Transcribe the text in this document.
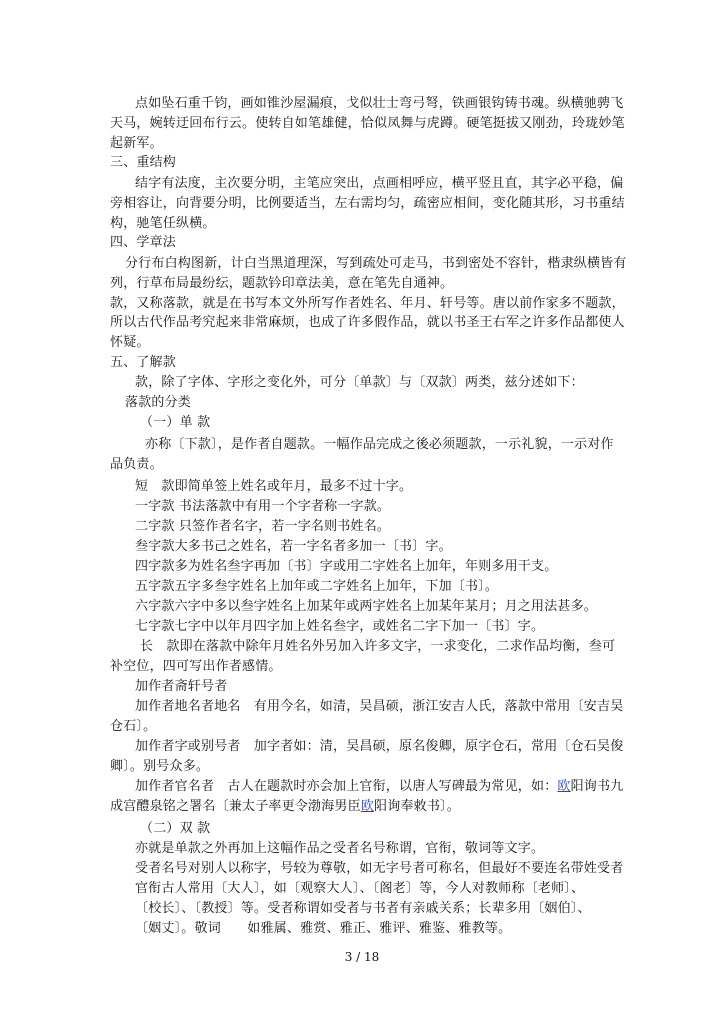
点如坠石重千钧，画如锥沙屋漏痕，戈似壮士弯弓弩，铁画银钩铸书魂。纵横驰骋飞
天马，婉转迂回布行云。使转自如笔雄健，恰似凤舞与虎蹲。硬笔挺拔又刚劲，玲珑妙笔
起新军。
三、重结构
结字有法度，主次要分明，主笔应突出，点画相呼应，横平竖且直，其字必平稳，偏
旁相容让，向背要分明，比例要适当，左右需均匀，疏密应相间，变化随其形，习书重结
构，驰笔任纵横。
四、学章法
分行布白构图新，计白当黑道理深，写到疏处可走马，书到密处不容针，楷隶纵横皆有
列，行草布局最纷纭，题款钤印章法美，意在笔先自通神。
款，又称落款，就是在书写本文外所写作者姓名、年月、轩号等。唐以前作家多不题款，
所以古代作品考究起来非常麻烦，也成了许多假作品，就以书圣王右军之许多作品都使人
怀疑。
五、了解款
款，除了字体、字形之变化外，可分〔单款〕与〔双款〕两类，兹分述如下：
落款的分类
（一）单 款
亦称〔下款〕，是作者自题款。一幅作品完成之後必须题款，一示礼貌，一示对作
品负责。
短　款即简单签上姓名或年月，最多不过十字。
一字款 书法落款中有用一个字者称一字款。
二字款 只签作者名字，若一字名则书姓名。
叁字款大多书己之姓名，若一字名者多加一〔书〕字。
四字款多为姓名叁字再加〔书〕字或用二字姓名上加年，年则多用干支。
五字款五字多叁字姓名上加年或二字姓名上加年，下加〔书〕。
六字款六字中多以叁字姓名上加某年或两字姓名上加某年某月；月之用法甚多。
七字款七字中以年月四字加上姓名叁字，或姓名二字下加一〔书〕字。
长　款即在落款中除年月姓名外另加入许多文字，一求变化，二求作品均衡，叁可
补空位，四可写出作者感情。
加作者斋轩号者
加作者地名者地名　有用今名，如清，吴昌硕，浙江安吉人氏，落款中常用〔安吉吴
仓石〕。
加作者字或别号者　加字者如：清，吴昌硕，原名俊卿，原字仓石，常用〔仓石吴俊
卿〕。别号众多。
加作者官名者　古人在题款时亦会加上官衔，以唐人写碑最为常见，如：欧阳询书九
成宫醴泉铭之署名〔兼太子率更令渤海男臣欧阳询奉敕书〕。
（二）双 款
亦就是单款之外再加上这幅作品之受者名号称谓，官衔，敬词等文字。
受者名号对别人以称字，号较为尊敬，如无字号者可称名，但最好不要连名带姓受者
官衔古人常用〔大人〕，如〔观察大人〕、〔阁老〕等，今人对教师称〔老师〕、
〔校长〕、〔教授〕等。受者称谓如受者与书者有亲戚关系；长辈多用〔姻伯〕、
〔姻丈〕。敬词　　如雅属、雅赏、雅正、雅评、雅鉴、雅教等。
3 / 18
